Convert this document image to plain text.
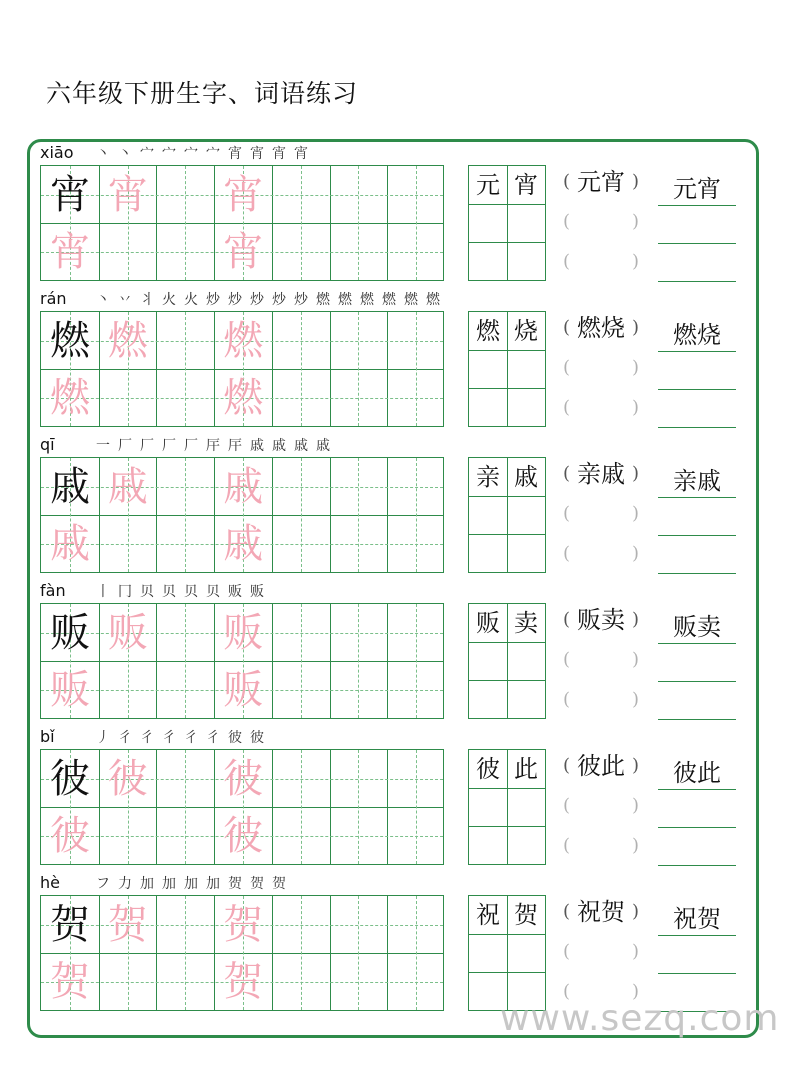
六年级下册生字、词语练习
xiāo 丶 丶 宀 宀 宀 宀 宵 宵 宵 宵
宵 宵 宵
宵	宵
元 宵	(	)
元宵
(	)
(	)
元宵
rán 丶 丷 丬 火 火 炒 炒 炒 炒 炒 燃 燃 燃 燃 燃 燃
燃 燃 燃
燃	燃
燃 烧	(	)
燃烧
(	)
(	)
燃烧
qī	一 厂 厂 厂 厂 厈 厈 戚 戚 戚 戚
戚 戚 戚
戚	戚
亲 戚	(	)
亲戚
(	)
(	)
亲戚
fàn 丨 冂 贝 贝 贝 贝 贩 贩
贩 贩 贩
贩	贩
贩 卖	(	)
贩卖
(	)
(	)
贩卖
bǐ	丿 彳 彳 彳 彳 彳 彼 彼
彼 彼 彼
彼	彼
彼 此	(	)
彼此
(	)
(	)
彼此
hè	フ 力 加 加 加 加 贺 贺 贺
贺 贺 贺
贺	贺
祝 贺	(	)
祝贺
(	)
(	)
祝贺
www.sezq.com
